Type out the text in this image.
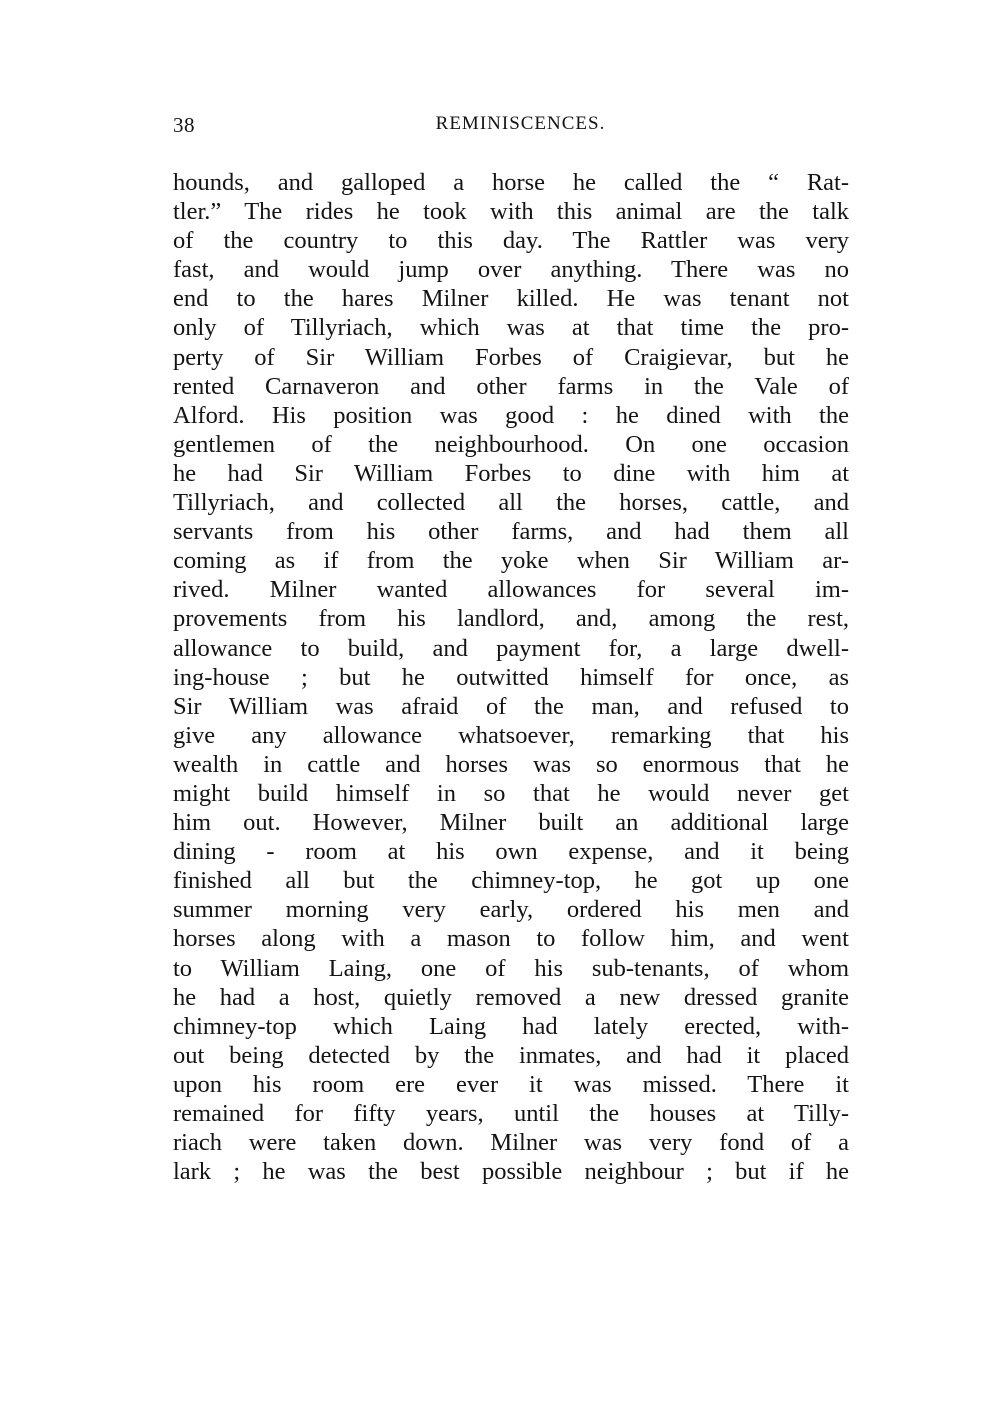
38	REMINISCENCES.
hounds, and galloped a horse he called the “ Rat-
tler.” The rides he took with this animal are the talk
of the country to this day. The Rattler was very
fast, and would jump over anything. There was no
end to the hares Milner killed. He was tenant not
only of Tillyriach, which was at that time the pro-
perty of Sir William Forbes of Craigievar, but he
rented Carnaveron and other farms in the Vale of
Alford. His position was good : he dined with the
gentlemen of the neighbourhood. On one occasion
he had Sir William Forbes to dine with him at
Tillyriach, and collected all the horses, cattle, and
servants from his other farms, and had them all
coming as if from the yoke when Sir William ar-
rived. Milner wanted allowances for several im-
provements from his landlord, and, among the rest,
allowance to build, and payment for, a large dwell-
ing-house ; but he outwitted himself for once, as
Sir William was afraid of the man, and refused to
give any allowance whatsoever, remarking that his
wealth in cattle and horses was so enormous that he
might build himself in so that he would never get
him out. However, Milner built an additional large
dining - room at his own expense, and it being
finished all but the chimney-top, he got up one
summer morning very early, ordered his men and
horses along with a mason to follow him, and went
to William Laing, one of his sub-tenants, of whom
he had a host, quietly removed a new dressed granite
chimney-top which Laing had lately erected, with-
out being detected by the inmates, and had it placed
upon his room ere ever it was missed. There it
remained for fifty years, until the houses at Tilly-
riach were taken down. Milner was very fond of a
lark ; he was the best possible neighbour ; but if he
